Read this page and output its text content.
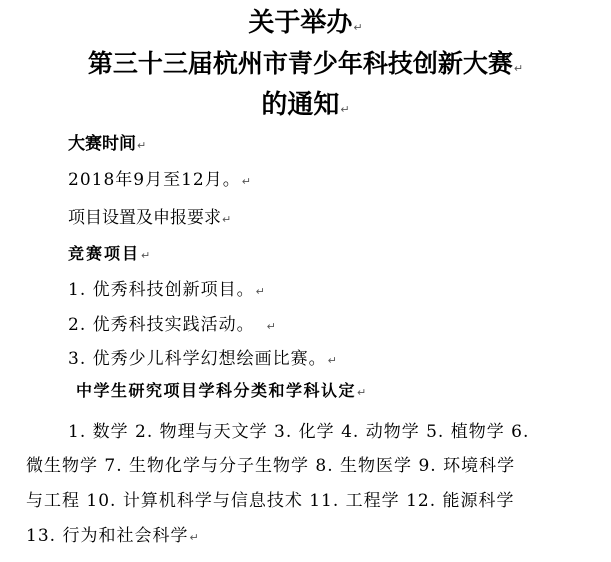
关于举办↵
第三十三届杭州市青少年科技创新大赛↵
的通知↵
大赛时间↵
2018年9月至12月。↵
项目设置及申报要求↵
竞赛项目↵
1. 优秀科技创新项目。↵
2. 优秀科技实践活动。 ↵
3. 优秀少儿科学幻想绘画比赛。↵
中学生研究项目学科分类和学科认定↵
1. 数学 2. 物理与天文学 3. 化学 4. 动物学 5. 植物学 6.
微生物学 7. 生物化学与分子生物学 8. 生物医学 9. 环境科学
与工程 10. 计算机科学与信息技术 11. 工程学 12. 能源科学
13. 行为和社会科学↵
